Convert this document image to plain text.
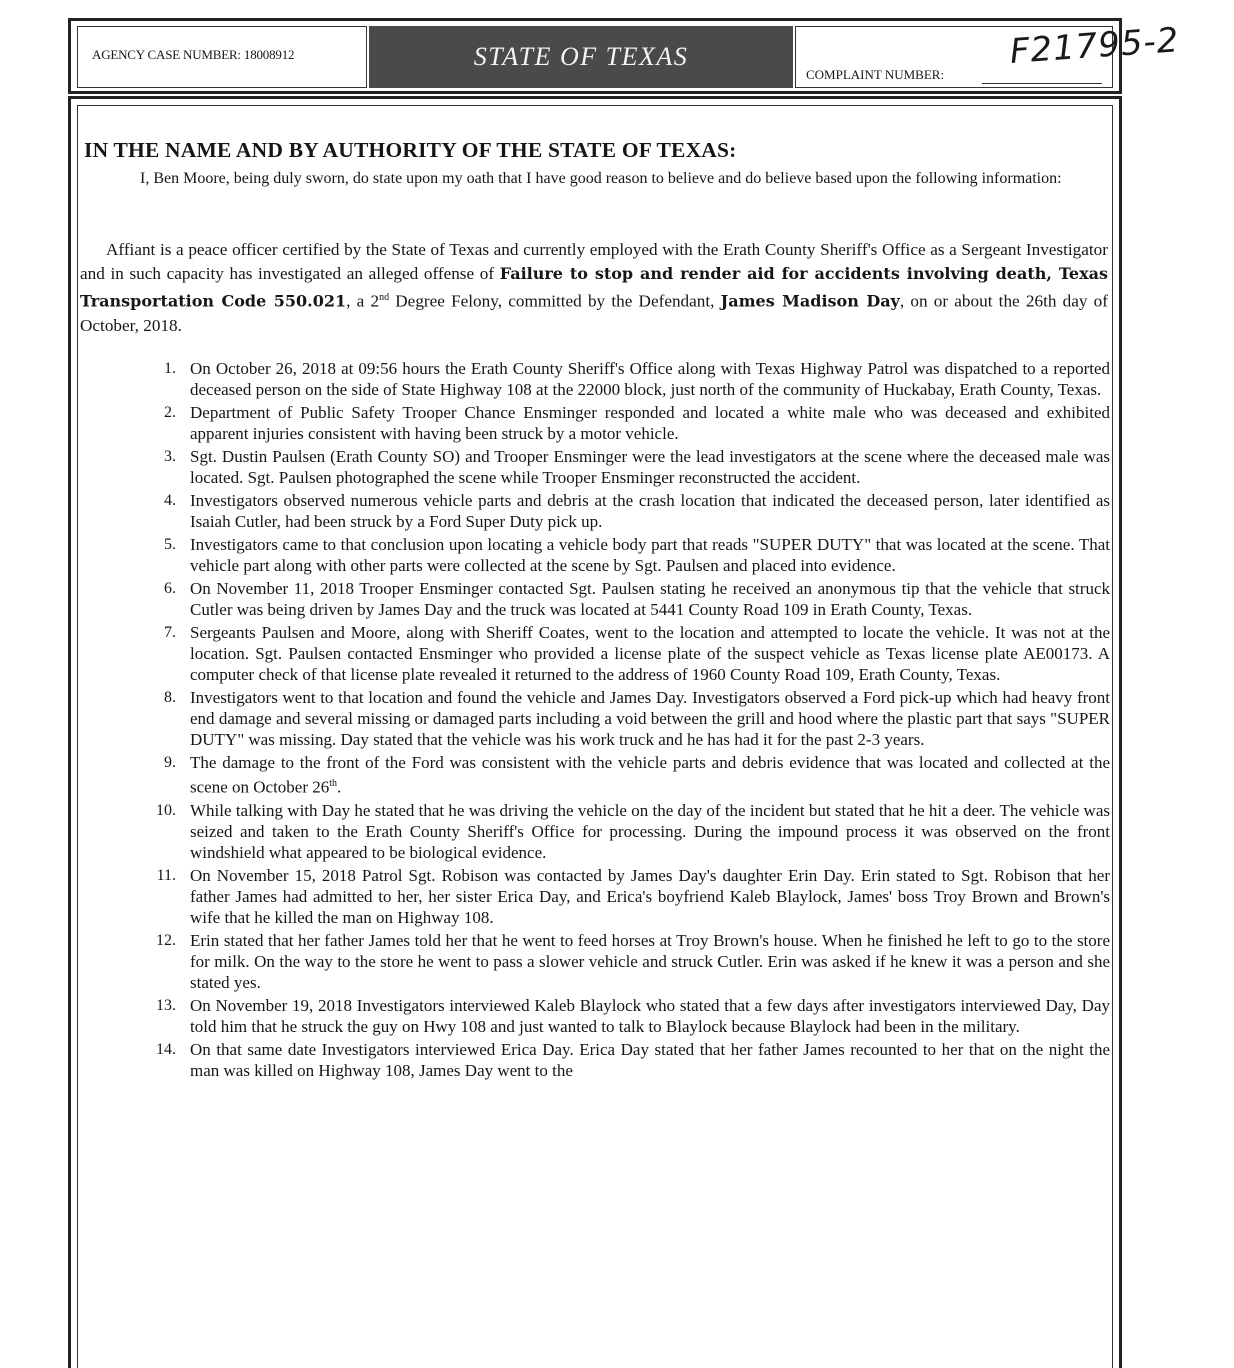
AGENCY CASE NUMBER: 18008912	STATE OF TEXAS
COMPLAINT NUMBER:
F21795-2
IN THE NAME AND BY AUTHORITY OF THE STATE OF TEXAS:
I, Ben Moore, being duly sworn, do state upon my oath that I have good reason to believe and do believe based upon the following information:
Affiant is a peace officer certified by the State of Texas and currently employed with the Erath County Sheriff's Office as a Sergeant Investigator and in such capacity has investigated an alleged offense of Failure to stop and render aid for accidents involving death, Texas Transportation Code 550.021, a 2nd Degree Felony, committed by the Defendant, James Madison Day, on or about the 26th day of October, 2018.
1. On October 26, 2018 at 09:56 hours the Erath County Sheriff's Office along with Texas Highway Patrol was dispatched to a reported deceased person on the side of State Highway 108 at the 22000 block, just north of the community of Huckabay, Erath County, Texas.
2. Department of Public Safety Trooper Chance Ensminger responded and located a white male who was deceased and exhibited apparent injuries consistent with having been struck by a motor vehicle.
3. Sgt. Dustin Paulsen (Erath County SO) and Trooper Ensminger were the lead investigators at the scene where the deceased male was located. Sgt. Paulsen photographed the scene while Trooper Ensminger reconstructed the accident.
4. Investigators observed numerous vehicle parts and debris at the crash location that indicated the deceased person, later identified as Isaiah Cutler, had been struck by a Ford Super Duty pick up.
5. Investigators came to that conclusion upon locating a vehicle body part that reads "SUPER DUTY" that was located at the scene. That vehicle part along with other parts were collected at the scene by Sgt. Paulsen and placed into evidence.
6. On November 11, 2018 Trooper Ensminger contacted Sgt. Paulsen stating he received an anonymous tip that the vehicle that struck Cutler was being driven by James Day and the truck was located at 5441 County Road 109 in Erath County, Texas.
7. Sergeants Paulsen and Moore, along with Sheriff Coates, went to the location and attempted to locate the vehicle. It was not at the location. Sgt. Paulsen contacted Ensminger who provided a license plate of the suspect vehicle as Texas license plate AE00173. A computer check of that license plate revealed it returned to the address of 1960 County Road 109, Erath County, Texas.
8. Investigators went to that location and found the vehicle and James Day. Investigators observed a Ford pick-up which had heavy front end damage and several missing or damaged parts including a void between the grill and hood where the plastic part that says "SUPER DUTY" was missing. Day stated that the vehicle was his work truck and he has had it for the past 2-3 years.
9. The damage to the front of the Ford was consistent with the vehicle parts and debris evidence that was located and collected at the scene on October 26th.
10. While talking with Day he stated that he was driving the vehicle on the day of the incident but stated that he hit a deer. The vehicle was seized and taken to the Erath County Sheriff's Office for processing. During the impound process it was observed on the front windshield what appeared to be biological evidence.
11. On November 15, 2018 Patrol Sgt. Robison was contacted by James Day's daughter Erin Day. Erin stated to Sgt. Robison that her father James had admitted to her, her sister Erica Day, and Erica's boyfriend Kaleb Blaylock, James' boss Troy Brown and Brown's wife that he killed the man on Highway 108.
12. Erin stated that her father James told her that he went to feed horses at Troy Brown's house. When he finished he left to go to the store for milk. On the way to the store he went to pass a slower vehicle and struck Cutler. Erin was asked if he knew it was a person and she stated yes.
13. On November 19, 2018 Investigators interviewed Kaleb Blaylock who stated that a few days after investigators interviewed Day, Day told him that he struck the guy on Hwy 108 and just wanted to talk to Blaylock because Blaylock had been in the military.
14. On that same date Investigators interviewed Erica Day. Erica Day stated that her father James recounted to her that on the night the man was killed on Highway 108, James Day went to the
